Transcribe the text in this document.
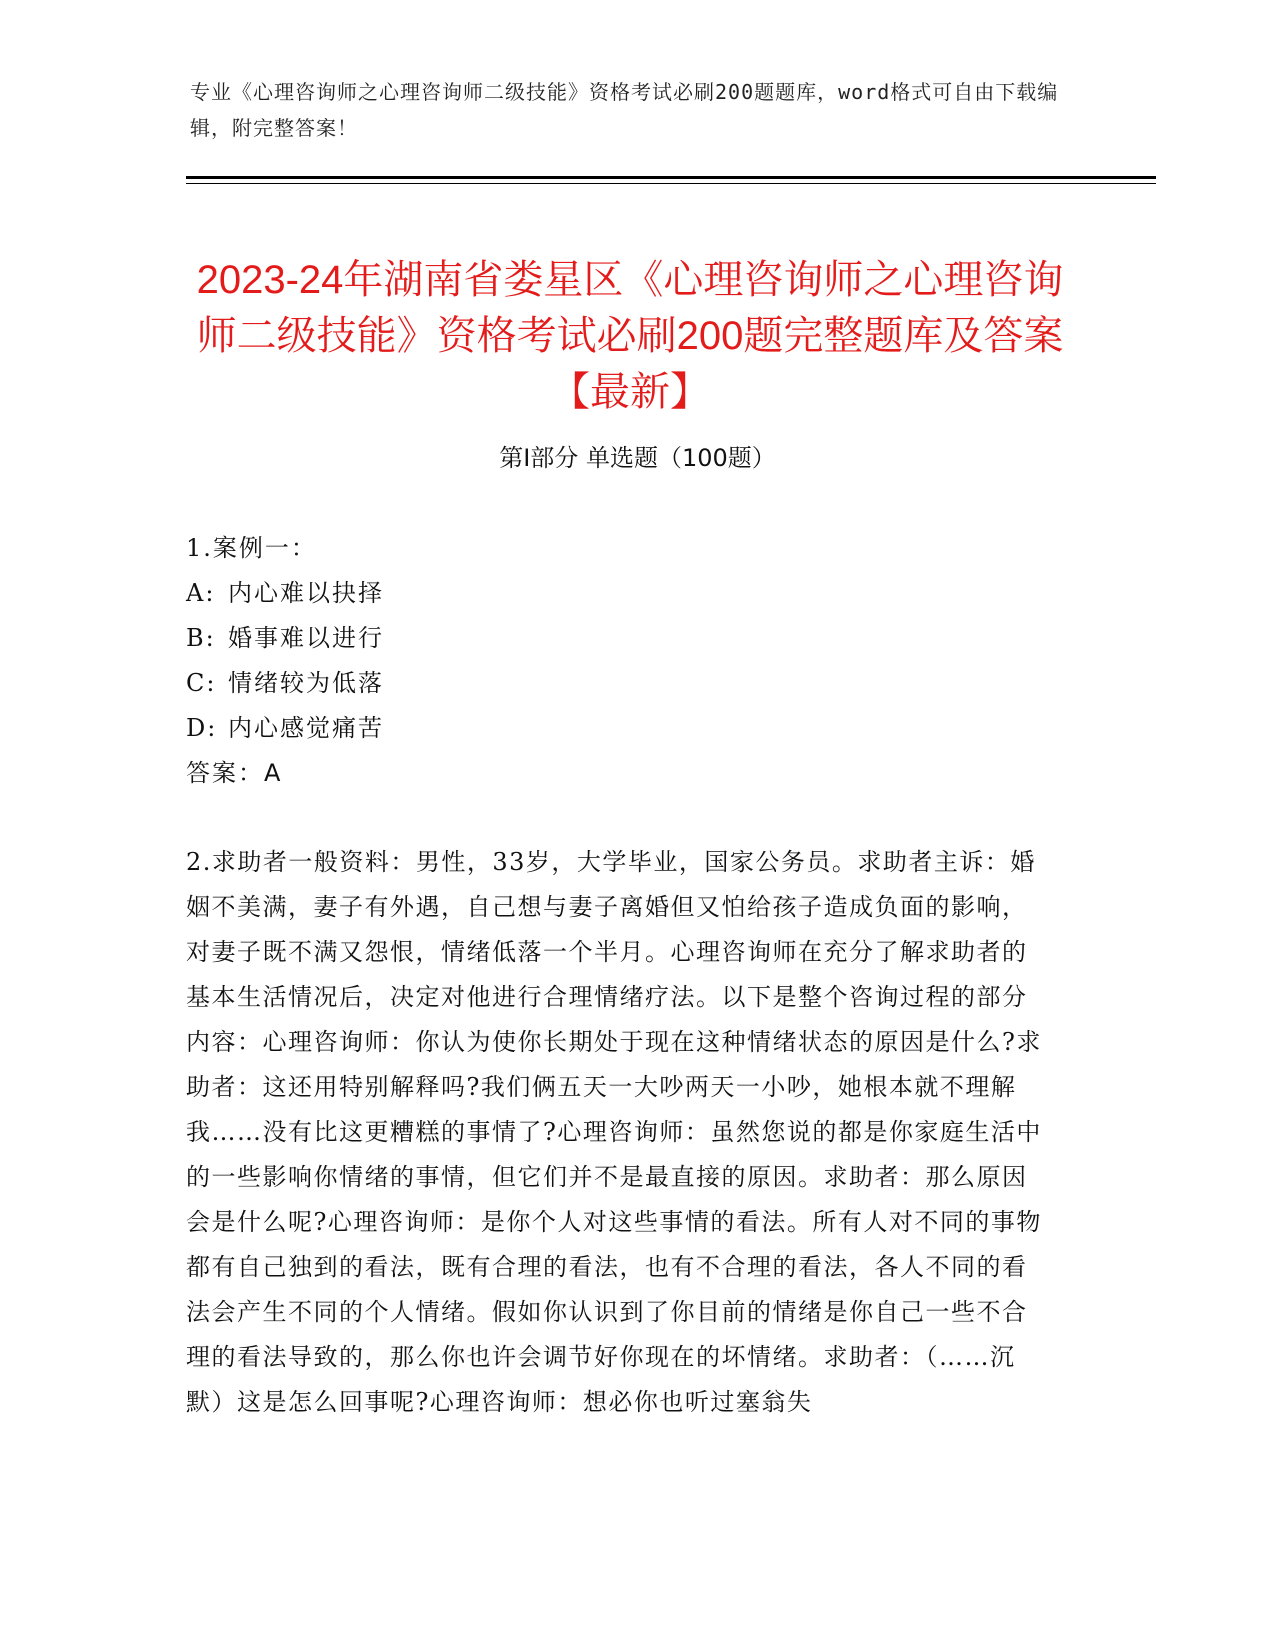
专业《心理咨询师之心理咨询师二级技能》资格考试必刷200题题库，word格式可自由下载编辑，附完整答案！
2023-24年湖南省娄星区《心理咨询师之心理咨询师二级技能》资格考试必刷200题完整题库及答案【最新】
第Ⅰ部分 单选题（100题）
1.案例一：
A: 内心难以抉择
B: 婚事难以进行
C: 情绪较为低落
D: 内心感觉痛苦
答案：A
2.求助者一般资料：男性，33岁，大学毕业，国家公务员。求助者主诉：婚姻不美满，妻子有外遇，自己想与妻子离婚但又怕给孩子造成负面的影响，对妻子既不满又怨恨，情绪低落一个半月。心理咨询师在充分了解求助者的基本生活情况后，决定对他进行合理情绪疗法。以下是整个咨询过程的部分内容：心理咨询师：你认为使你长期处于现在这种情绪状态的原因是什么?求助者：这还用特别解释吗?我们俩五天一大吵两天一小吵，她根本就不理解我……没有比这更糟糕的事情了?心理咨询师：虽然您说的都是你家庭生活中的一些影响你情绪的事情，但它们并不是最直接的原因。求助者：那么原因会是什么呢?心理咨询师：是你个人对这些事情的看法。所有人对不同的事物都有自己独到的看法，既有合理的看法，也有不合理的看法，各人不同的看法会产生不同的个人情绪。假如你认识到了你目前的情绪是你自己一些不合理的看法导致的，那么你也许会调节好你现在的坏情绪。求助者：（……沉默）这是怎么回事呢?心理咨询师：想必你也听过塞翁失
